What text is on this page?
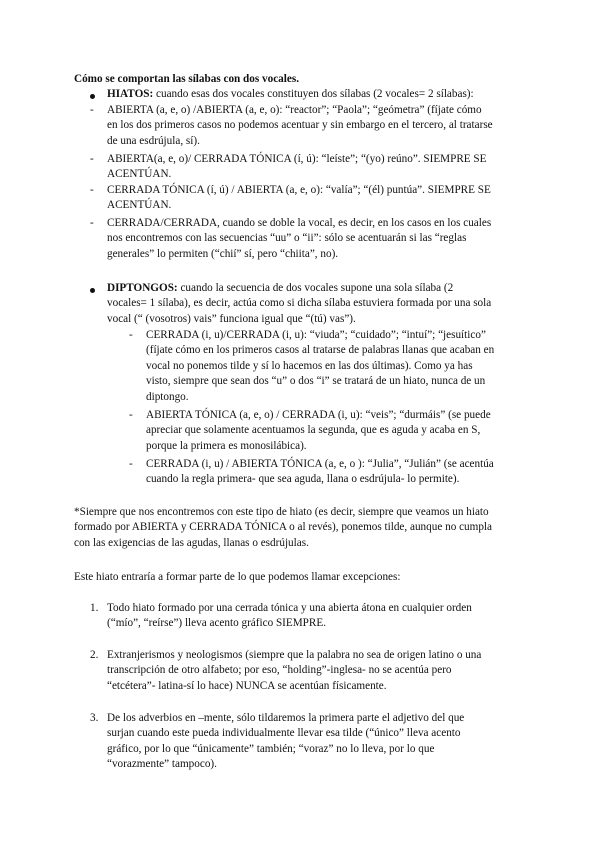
Cómo se comportan las sílabas con dos vocales.
HIATOS: cuando esas dos vocales constituyen dos sílabas (2 vocales= 2 sílabas):
- ABIERTA (a, e, o) /ABIERTA (a, e, o): “reactor”; “Paola”; “geómetra” (fíjate cómo
en los dos primeros casos no podemos acentuar y sin embargo en el tercero, al tratarse
de una esdrújula, sí).
- ABIERTA(a, e, o)/ CERRADA TÓNICA (í, ú): “leíste”; “(yo) reúno”. SIEMPRE SE
ACENTÚAN.
- CERRADA TÓNICA (í, ú) / ABIERTA (a, e, o): “valía”; “(él) puntúa”. SIEMPRE SE
ACENTÚAN.
- CERRADA/CERRADA, cuando se doble la vocal, es decir, en los casos en los cuales
nos encontremos con las secuencias “uu” o “ii”: sólo se acentuarán si las “reglas
generales” lo permiten (“chií” sí, pero “chiita”, no).
DIPTONGOS: cuando la secuencia de dos vocales supone una sola sílaba (2
vocales= 1 sílaba), es decir, actúa como si dicha sílaba estuviera formada por una sola
vocal (“ (vosotros) vais” funciona igual que “(tú) vas”).
- CERRADA (i, u)/CERRADA (i, u): “viuda”; “cuidado”; “intuí”; “jesuítico”
(fíjate cómo en los primeros casos al tratarse de palabras llanas que acaban en
vocal no ponemos tilde y sí lo hacemos en las dos últimas). Como ya has
visto, siempre que sean dos “u” o dos “i” se tratará de un hiato, nunca de un
diptongo.
- ABIERTA TÓNICA (a, e, o) / CERRADA (i, u): “veis”; “durmáis” (se puede
apreciar que solamente acentuamos la segunda, que es aguda y acaba en S,
porque la primera es monosilábica).
- CERRADA (i, u) / ABIERTA TÓNICA (a, e, o ): “Julia”, “Julián” (se acentúa
cuando la regla primera- que sea aguda, llana o esdrújula- lo permite).
*Siempre que nos encontremos con este tipo de hiato (es decir, siempre que veamos un hiato
formado por ABIERTA y CERRADA TÓNICA o al revés), ponemos tilde, aunque no cumpla
con las exigencias de las agudas, llanas o esdrújulas.
Este hiato entraría a formar parte de lo que podemos llamar excepciones:
1. Todo hiato formado por una cerrada tónica y una abierta átona en cualquier orden
(“mío”, “reírse”) lleva acento gráfico SIEMPRE.
2. Extranjerismos y neologismos (siempre que la palabra no sea de origen latino o una
transcripción de otro alfabeto; por eso, “holding”-inglesa- no se acentúa pero
“etcétera”- latina-sí lo hace) NUNCA se acentúan físicamente.
3. De los adverbios en –mente, sólo tildaremos la primera parte el adjetivo del que
surjan cuando este pueda individualmente llevar esa tilde (“único” lleva acento
gráfico, por lo que “únicamente” también; “voraz” no lo lleva, por lo que
“vorazmente” tampoco).
